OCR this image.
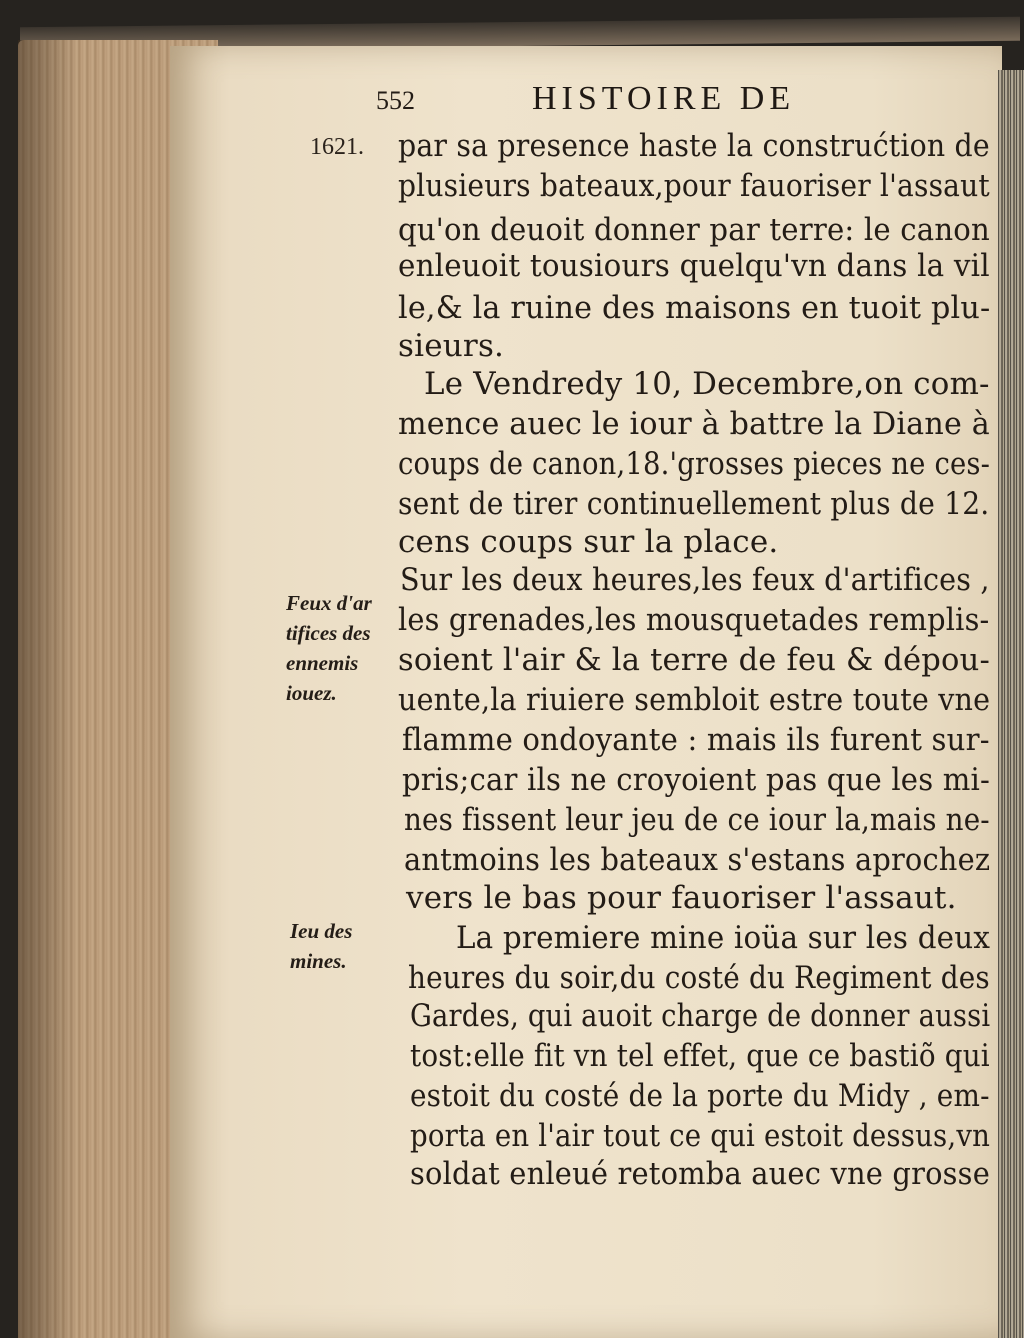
552	HISTOIRE DE
1621.
Feux d'ar
tifices des
ennemis
iouez.
Ieu des
mines.
par sa presence haste la construćtion de
plusieurs bateaux,pour fauoriser l'assaut
qu'on deuoit donner par terre: le canon
enleuoit tousiours quelqu'vn dans la vil
le,& la ruine des maisons en tuoit plu-
sieurs.
Le Vendredy 10, Decembre,on com-
mence auec le iour à battre la Diane à
coups de canon,18.'grosses pieces ne ces-
sent de tirer continuellement plus de 12.
cens coups sur la place.
Sur les deux heures,les feux d'artifices ,
les grenades,les mousquetades remplis-
soient l'air & la terre de feu & dépou-
uente,la riuiere sembloit estre toute vne
flamme ondoyante : mais ils furent sur-
pris;car ils ne croyoient pas que les mi-
nes fissent leur jeu de ce iour la,mais ne-
antmoins les bateaux s'estans aprochez
vers le bas pour fauoriser l'assaut.
La premiere mine ioüa sur les deux
heures du soir,du costé du Regiment des
Gardes, qui auoit charge de donner aussi
tost:elle fit vn tel effet, que ce bastiõ qui
estoit du costé de la porte du Midy , em-
porta en l'air tout ce qui estoit dessus,vn
soldat enleué retomba auec vne grosse
